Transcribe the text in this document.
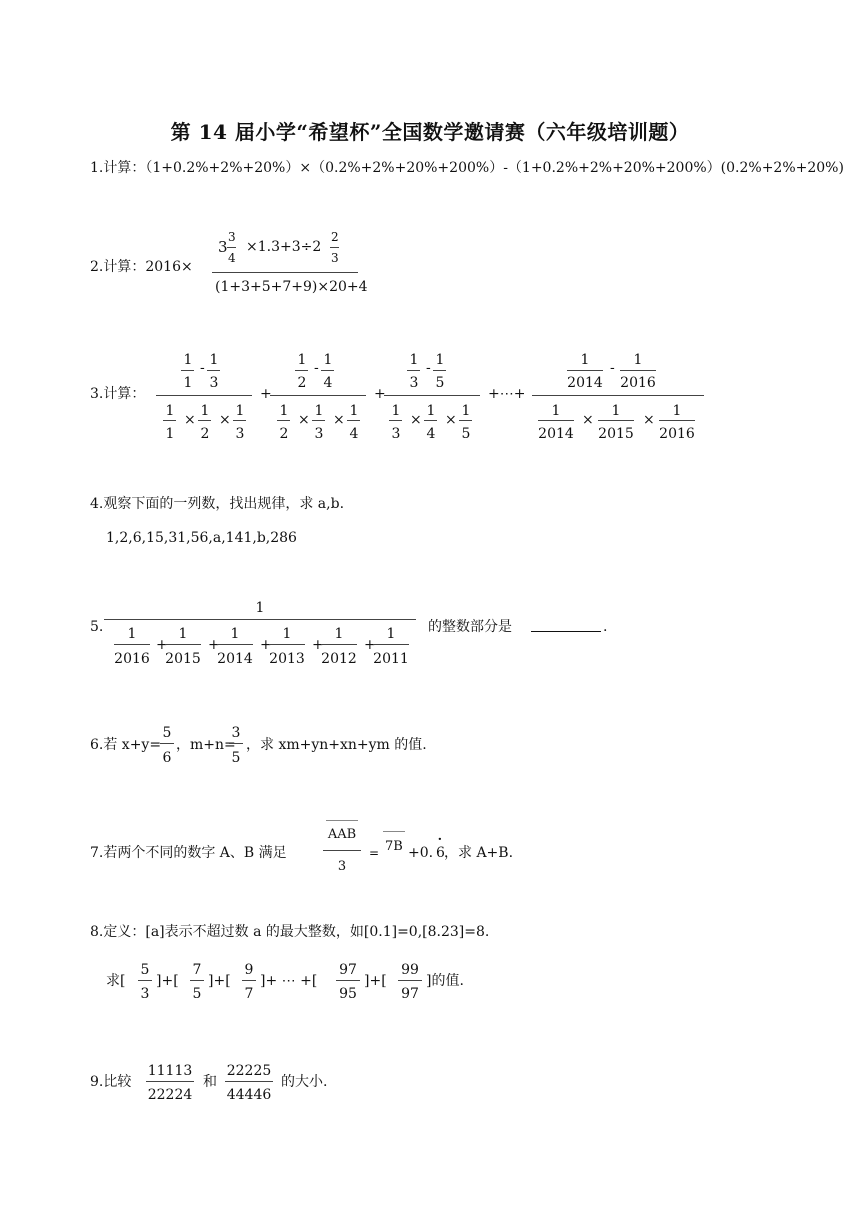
第 14 届小学“希望杯”全国数学邀请赛（六年级培训题）
1.计算：（1+0.2%+2%+20%）×（0.2%+2%+20%+200%）-（1+0.2%+2%+20%+200%）(0.2%+2%+20%)
2.计算：2016×
3
3
4
×1.3+3÷2
2
3
(1+3+5+7+9)×20+4
3.计算：
1
1
- 1
3
1
1
×
1
2
×
1
3
+
1
2
- 1
4
1
2
×
1
3
×
1
4
+
1
3
- 1
5
1
3
×
1
4
×
1
5
+⋯+
1
2014
-	1
2016
1
2014
×
1
2015
×
1
2016
4.观察下面的一列数，找出规律，求 a,b.
1,2,6,15,31,56,a,141,b,286
5.
1
1
2016
+
1
2015
+
1
2014
+
1
2013
+
1
2012
+
1
2011
的整数部分是	.
6.若 x+y=
5
6
，m+n=
3
5
，求 xm+yn+xn+ym 的值.
7.若两个不同的数字 A、B 满足
AAB
3
= 7B +0.
·
6 ，求 A+B.
8.定义：[a]表示不超过数 a 的最大整数，如[0.1]=0,[8.23]=8.
求[
5
3
]+[
7
5
]+[
9
7
]+ ⋯ +[
97
95
]+[
99
97
]的值.
9.比较
11113
22224
和
22225
44446
的大小.
